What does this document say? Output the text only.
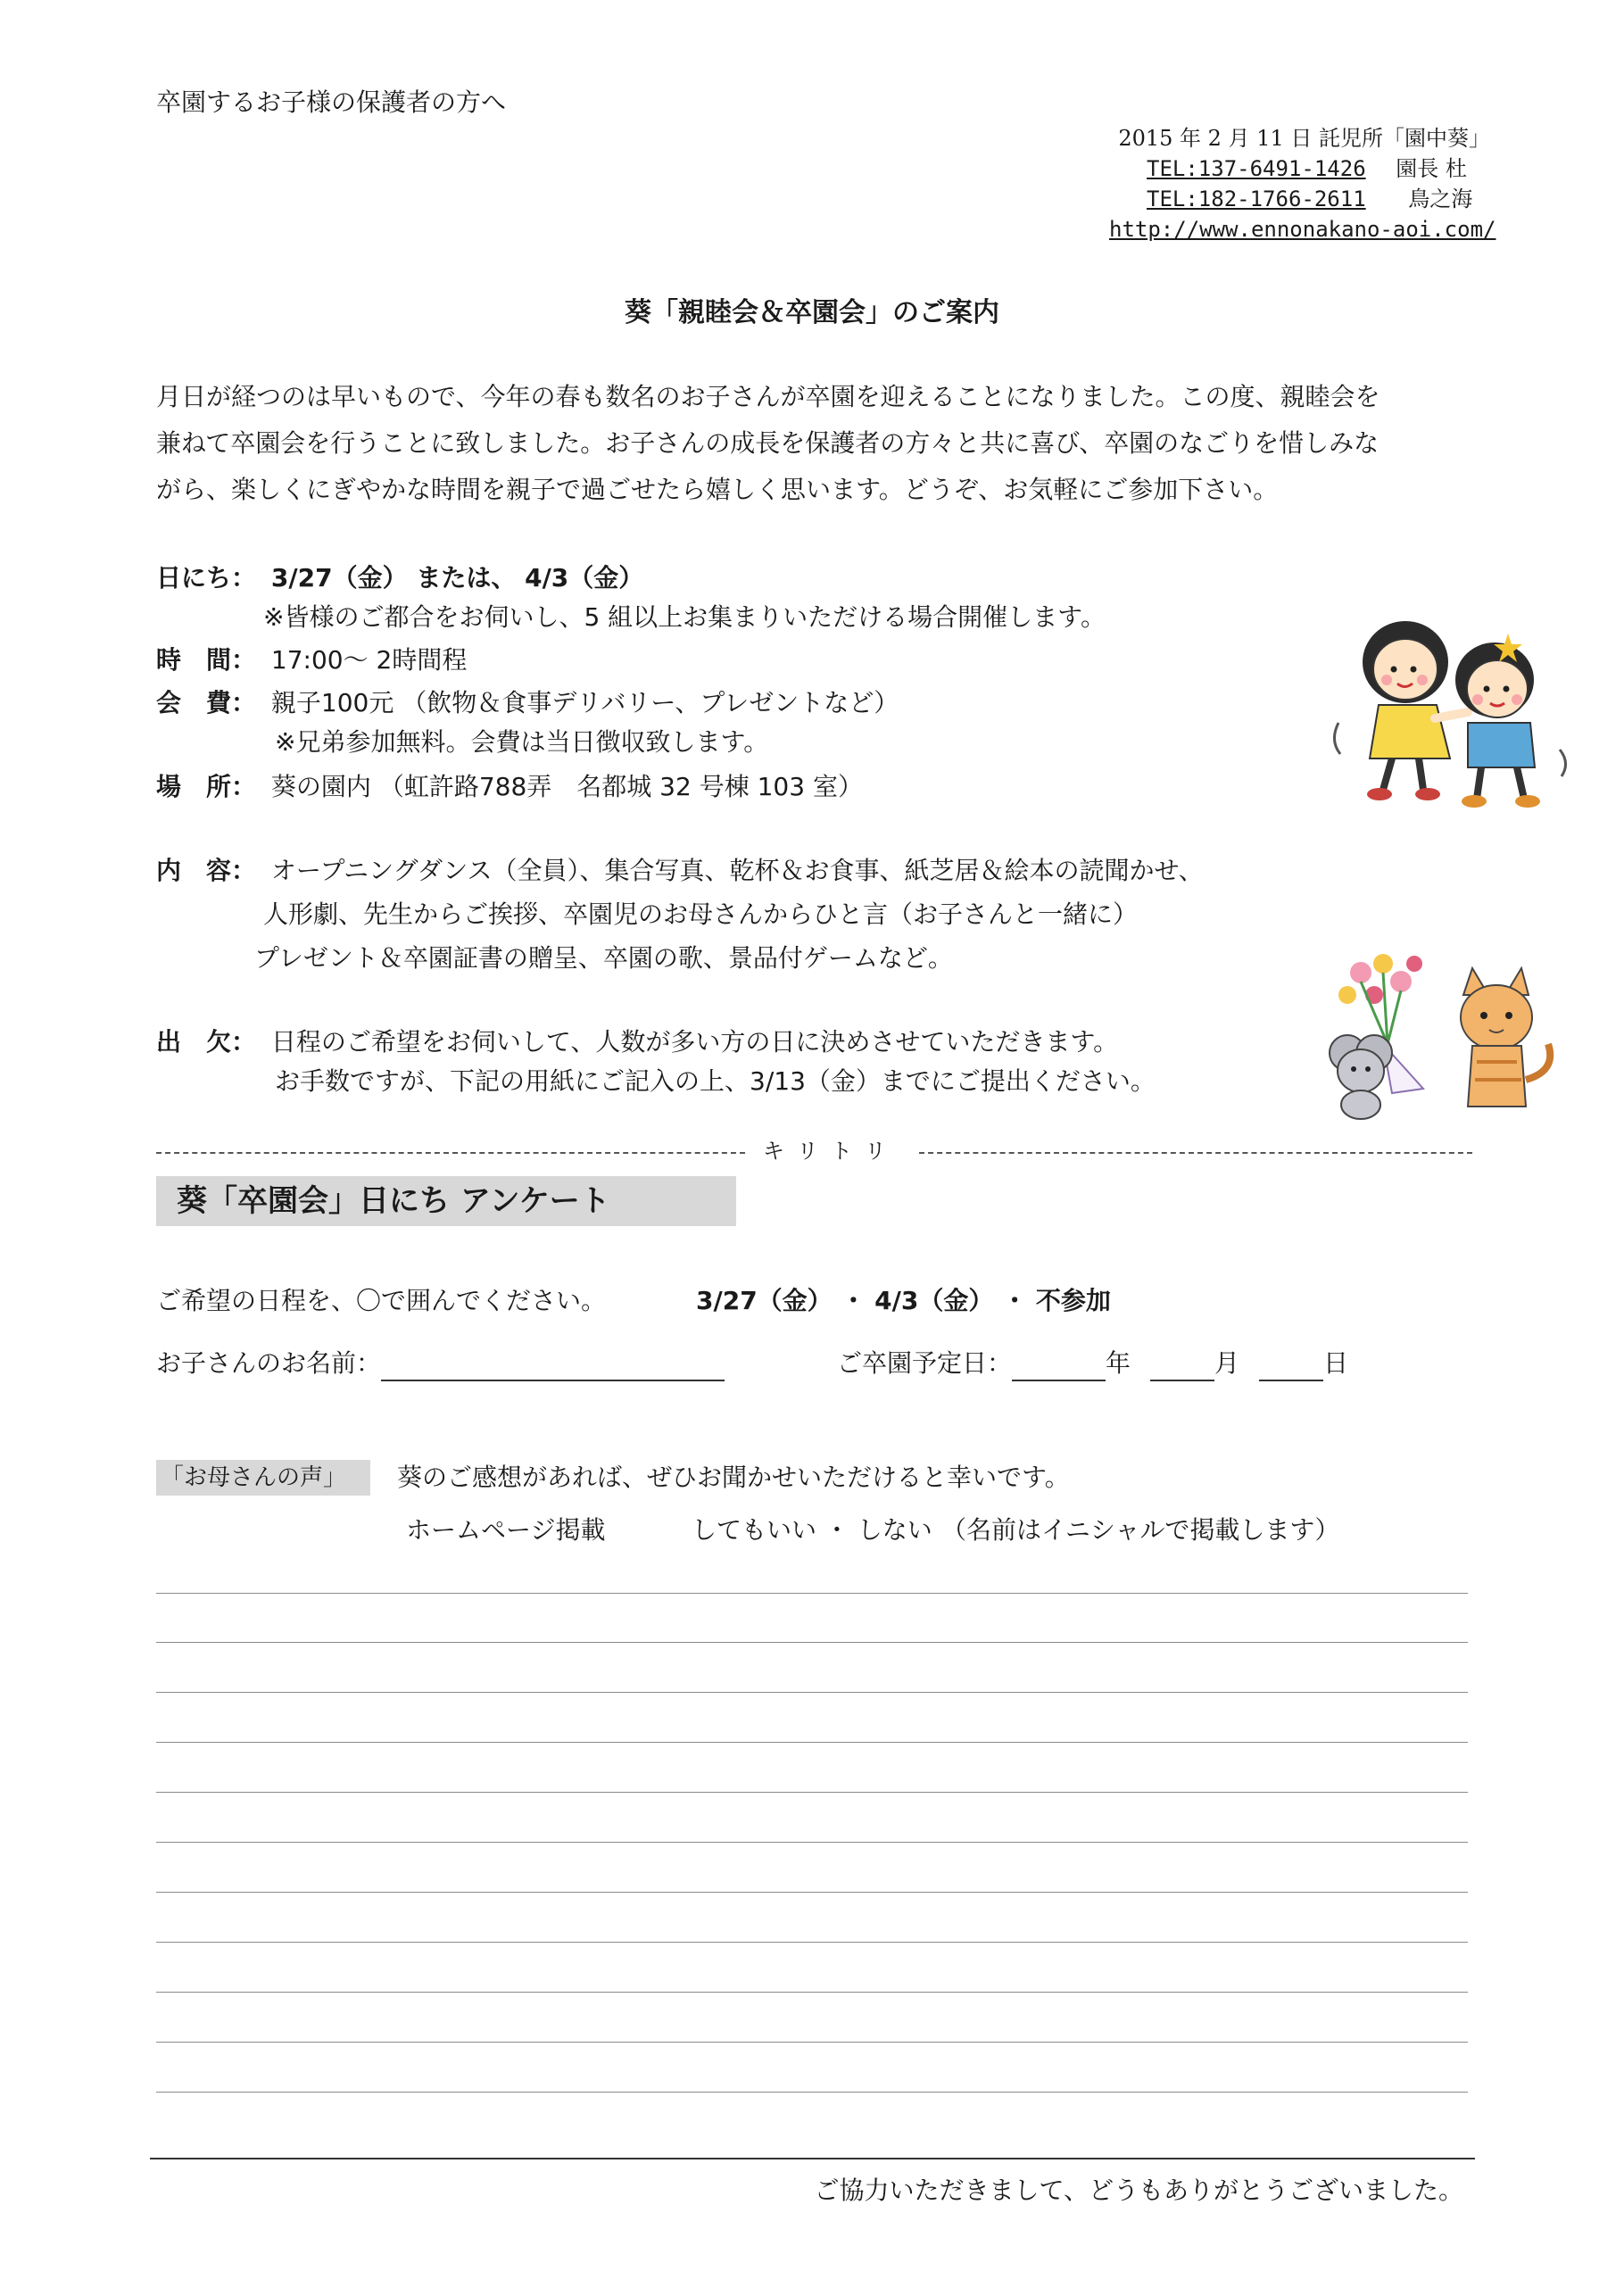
卒園するお子様の保護者の方へ
2015 年 2 月 11 日 託児所「園中葵」
TEL:137-6491-1426 園長 杜
TEL:182-1766-2611 鳥之海
http://www.ennonakano-aoi.com/
葵「親睦会＆卒園会」のご案内
月日が経つのは早いもので、今年の春も数名のお子さんが卒園を迎えることになりました。この度、親睦会を
兼ねて卒園会を行うことに致しました。お子さんの成長を保護者の方々と共に喜び、卒園のなごりを惜しみな
がら、楽しくにぎやかな時間を親子で過ごせたら嬉しく思います。どうぞ、お気軽にご参加下さい。
日にち： 3/27（金） または、 4/3（金）
※皆様のご都合をお伺いし、5 組以上お集まりいただける場合開催します。
時　間： 17:00～ 2時間程
会　費： 親子100元 （飲物＆食事デリバリー、プレゼントなど）
※兄弟参加無料。会費は当日徴収致します。
場　所： 葵の園内 （虹許路788弄　名都城 32 号棟 103 室）
内　容： オープニングダンス（全員）、集合写真、乾杯＆お食事、紙芝居＆絵本の読聞かせ、
人形劇、先生からご挨拶、卒園児のお母さんからひと言（お子さんと一緒に）
プレゼント＆卒園証書の贈呈、卒園の歌、景品付ゲームなど。
出　欠： 日程のご希望をお伺いして、人数が多い方の日に決めさせていただきます。
お手数ですが、下記の用紙にご記入の上、3/13（金）までにご提出ください。
キリトリ
葵「卒園会」日にち アンケート
ご希望の日程を、〇で囲んでください。	3/27（金） ・ 4/3（金） ・ 不参加
お子さんのお名前：	ご卒園予定日：	年	月	日
「お母さんの声」 葵のご感想があれば、ぜひお聞かせいただけると幸いです。
ホームページ掲載	してもいい ・ しない （名前はイニシャルで掲載します）
ご協力いただきまして、どうもありがとうございました。
